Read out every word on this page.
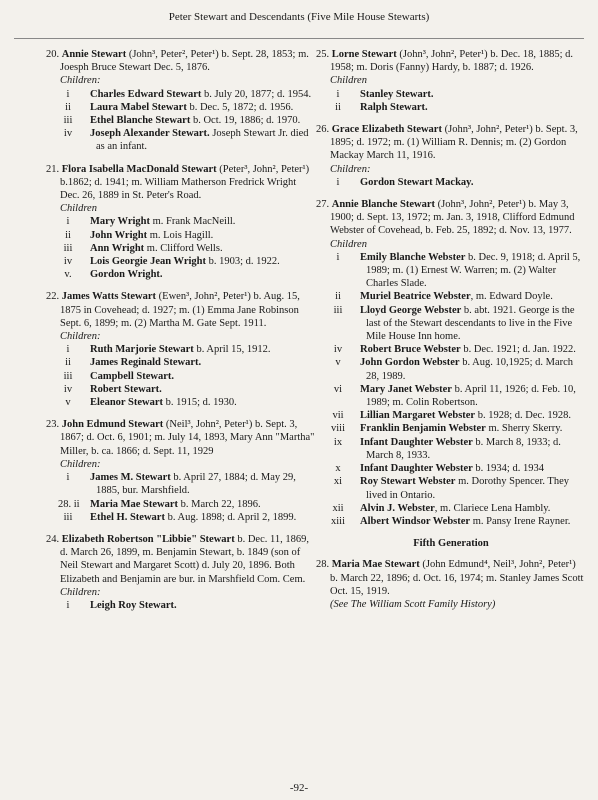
Peter Stewart and Descendants (Five Mile House Stewarts)
20. Annie Stewart (John³, Peter², Peter¹) b. Sept. 28, 1853; m. Joesph Bruce Stewart Dec. 5, 1876.
Children:
i	Charles Edward Stewart b. July 20, 1877; d. 1954.
ii	Laura Mabel Stewart b. Dec. 5, 1872; d. 1956.
iii	Ethel Blanche Stewart b. Oct. 19, 1886; d. 1970.
iv	Joseph Alexander Stewart. Joseph Stewart Jr. died as an infant.
21. Flora Isabella MacDonald Stewart (Peter³, John², Peter¹) b.1862; d. 1941; m. William Matherson Fredrick Wright Dec. 26, 1889 in St. Peter's Road.
Children
i	Mary Wright m. Frank MacNeill.
ii	John Wright m. Lois Hagill.
iii	Ann Wright m. Clifford Wells.
iv	Lois Georgie Jean Wright b. 1903; d. 1922.
v.	Gordon Wright.
22. James Watts Stewart (Ewen³, John², Peter¹) b. Aug. 15, 1875 in Covehead; d. 1927; m. (1) Emma Jane Robinson Sept. 6, 1899; m. (2) Martha M. Gate Sept. 1911.
Children:
i	Ruth Marjorie Stewart b. April 15, 1912.
ii	James Reginald Stewart.
iii	Campbell Stewart.
iv	Robert Stewart.
v	Eleanor Stewart b. 1915; d. 1930.
23. John Edmund Stewart (Neil³, John², Peter¹) b. Sept. 3, 1867; d. Oct. 6, 1901; m. July 14, 1893, Mary Ann "Martha" Miller, b. ca. 1866; d. Sept. 11, 1929
Children:
i	James M. Stewart b. April 27, 1884; d. May 29, 1885, bur. Marshfield.
28. ii Maria Mae Stewart b. March 22, 1896.
iii	Ethel H. Stewart b. Aug. 1898; d. April 2, 1899.
24. Elizabeth Robertson "Libbie" Stewart b. Dec. 11, 1869, d. March 26, 1899, m. Benjamin Stewart, b. 1849 (son of Neil Stewart and Margaret Scott) d. July 20, 1896. Both Elizabeth and Benjamin are bur. in Marshfield Com. Cem.
Children:
i	Leigh Roy Stewart.
25. Lorne Stewart (John³, John², Peter¹) b. Dec. 18, 1885; d. 1958; m. Doris (Fanny) Hardy, b. 1887; d. 1926.
Children
i	Stanley Stewart.
ii	Ralph Stewart.
26. Grace Elizabeth Stewart (John³, John², Peter¹) b. Sept. 3, 1895; d. 1972; m. (1) William R. Dennis; m. (2) Gordon Mackay March 11, 1916.
Children:
i	Gordon Stewart Mackay.
27. Annie Blanche Stewart (John³, John², Peter¹) b. May 3, 1900; d. Sept. 13, 1972; m. Jan. 3, 1918, Clifford Edmund Webster of Covehead, b. Feb. 25, 1892; d. Nov. 13, 1977.
Children
i	Emily Blanche Webster b. Dec. 9, 1918; d. April 5, 1989; m. (1) Ernest W. Warren; m. (2) Walter Charles Slade.
ii	Muriel Beatrice Webster, m. Edward Doyle.
iii	Lloyd George Webster b. abt. 1921. George is the last of the Stewart descendants to live in the Five Mile House Inn home.
iv	Robert Bruce Webster b. Dec. 1921; d. Jan. 1922.
v	John Gordon Webster b. Aug. 10,1925; d. March 28, 1989.
vi	Mary Janet Webster b. April 11, 1926; d. Feb. 10, 1989; m. Colin Robertson.
vii	Lillian Margaret Webster b. 1928; d. Dec. 1928.
viii	Franklin Benjamin Webster m. Sherry Skerry.
ix	Infant Daughter Webster b. March 8, 1933; d. March 8, 1933.
x	Infant Daughter Webster b. 1934; d. 1934
xi	Roy Stewart Webster m. Dorothy Spencer. They lived in Ontario.
xii	Alvin J. Webster, m. Clariece Lena Hambly.
xiii	Albert Windsor Webster m. Pansy Irene Rayner.
Fifth Generation
28. Maria Mae Stewart (John Edmund⁴, Neil³, John², Peter¹) b. March 22, 1896; d. Oct. 16, 1974; m. Stanley James Scott Oct. 15, 1919.
(See The William Scott Family History)
-92-
